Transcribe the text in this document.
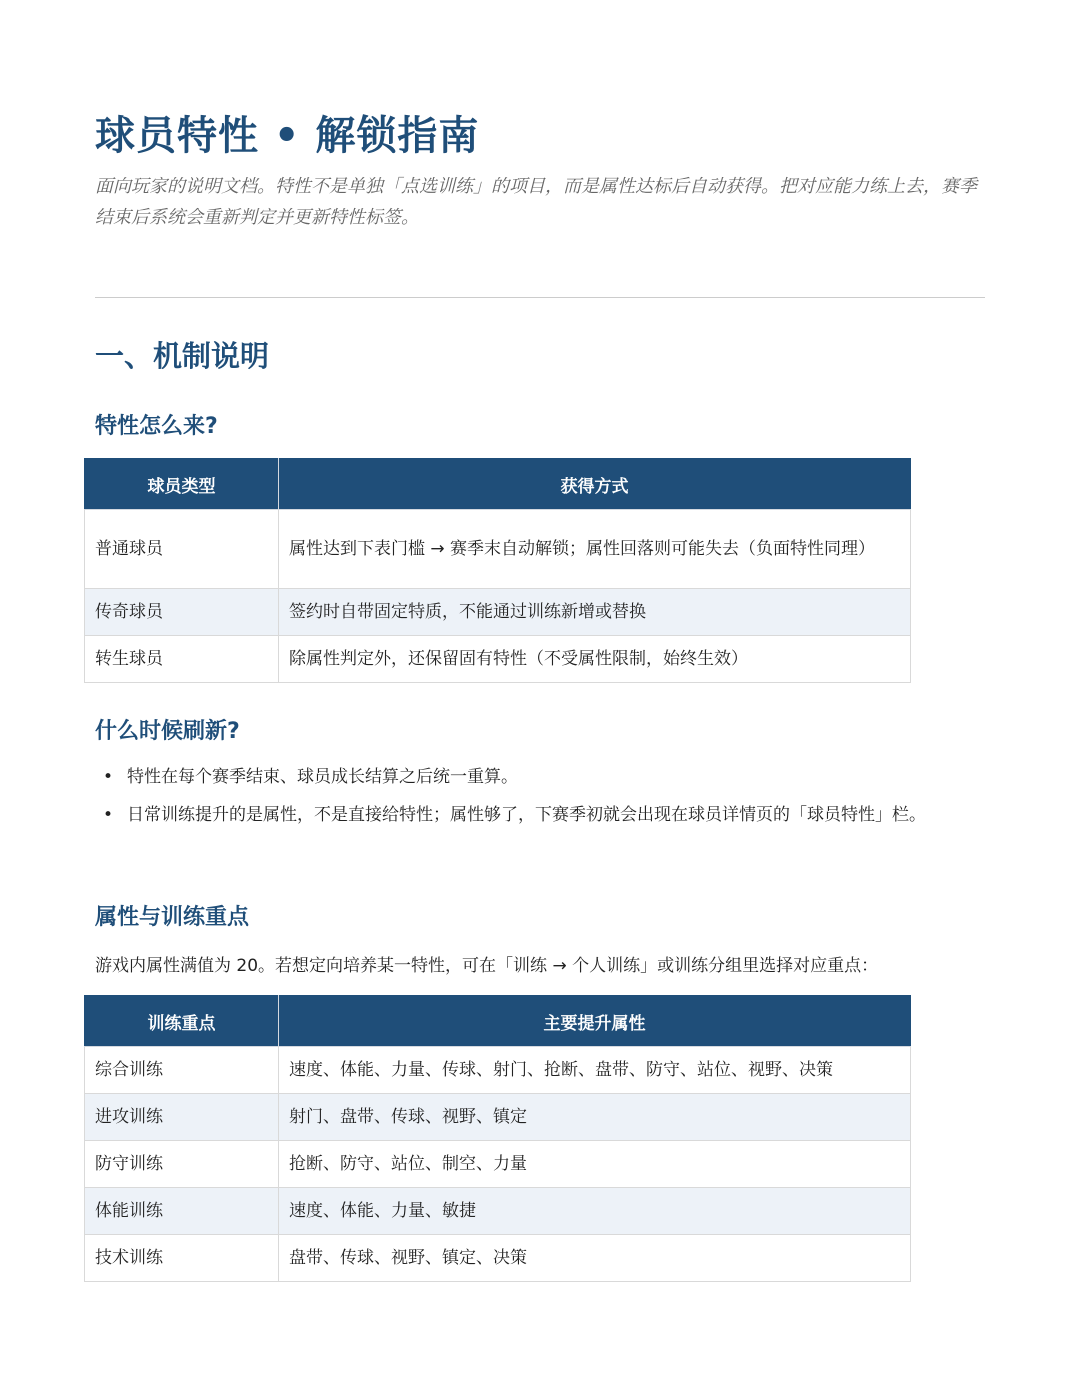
球员特性 • 解锁指南

面向玩家的说明文档。特性不是单独「点选训练」的项目，而是属性达标后自动获得。把对应能力练上去，赛季结束后系统会重新判定并更新特性标签。

一、机制说明
特性怎么来?
球员类型	获得方式
普通球员	属性达到下表门槛 → 赛季末自动解锁；属性回落则可能失去（负面特性同理）
传奇球员	签约时自带固定特质，不能通过训练新增或替换
转生球员	除属性判定外，还保留固有特性（不受属性限制，始终生效）
什么时候刷新?
• 特性在每个赛季结束、球员成长结算之后统一重算。
• 日常训练提升的是属性，不是直接给特性；属性够了，下赛季初就会出现在球员详情页的「球员特性」栏。
属性与训练重点

游戏内属性满值为 20。若想定向培养某一特性，可在「训练 → 个人训练」或训练分组里选择对应重点：

训练重点	主要提升属性
综合训练	速度、体能、力量、传球、射门、抢断、盘带、防守、站位、视野、决策
进攻训练	射门、盘带、传球、视野、镇定
防守训练	抢断、防守、站位、制空、力量
体能训练	速度、体能、力量、敏捷
技术训练	盘带、传球、视野、镇定、决策
